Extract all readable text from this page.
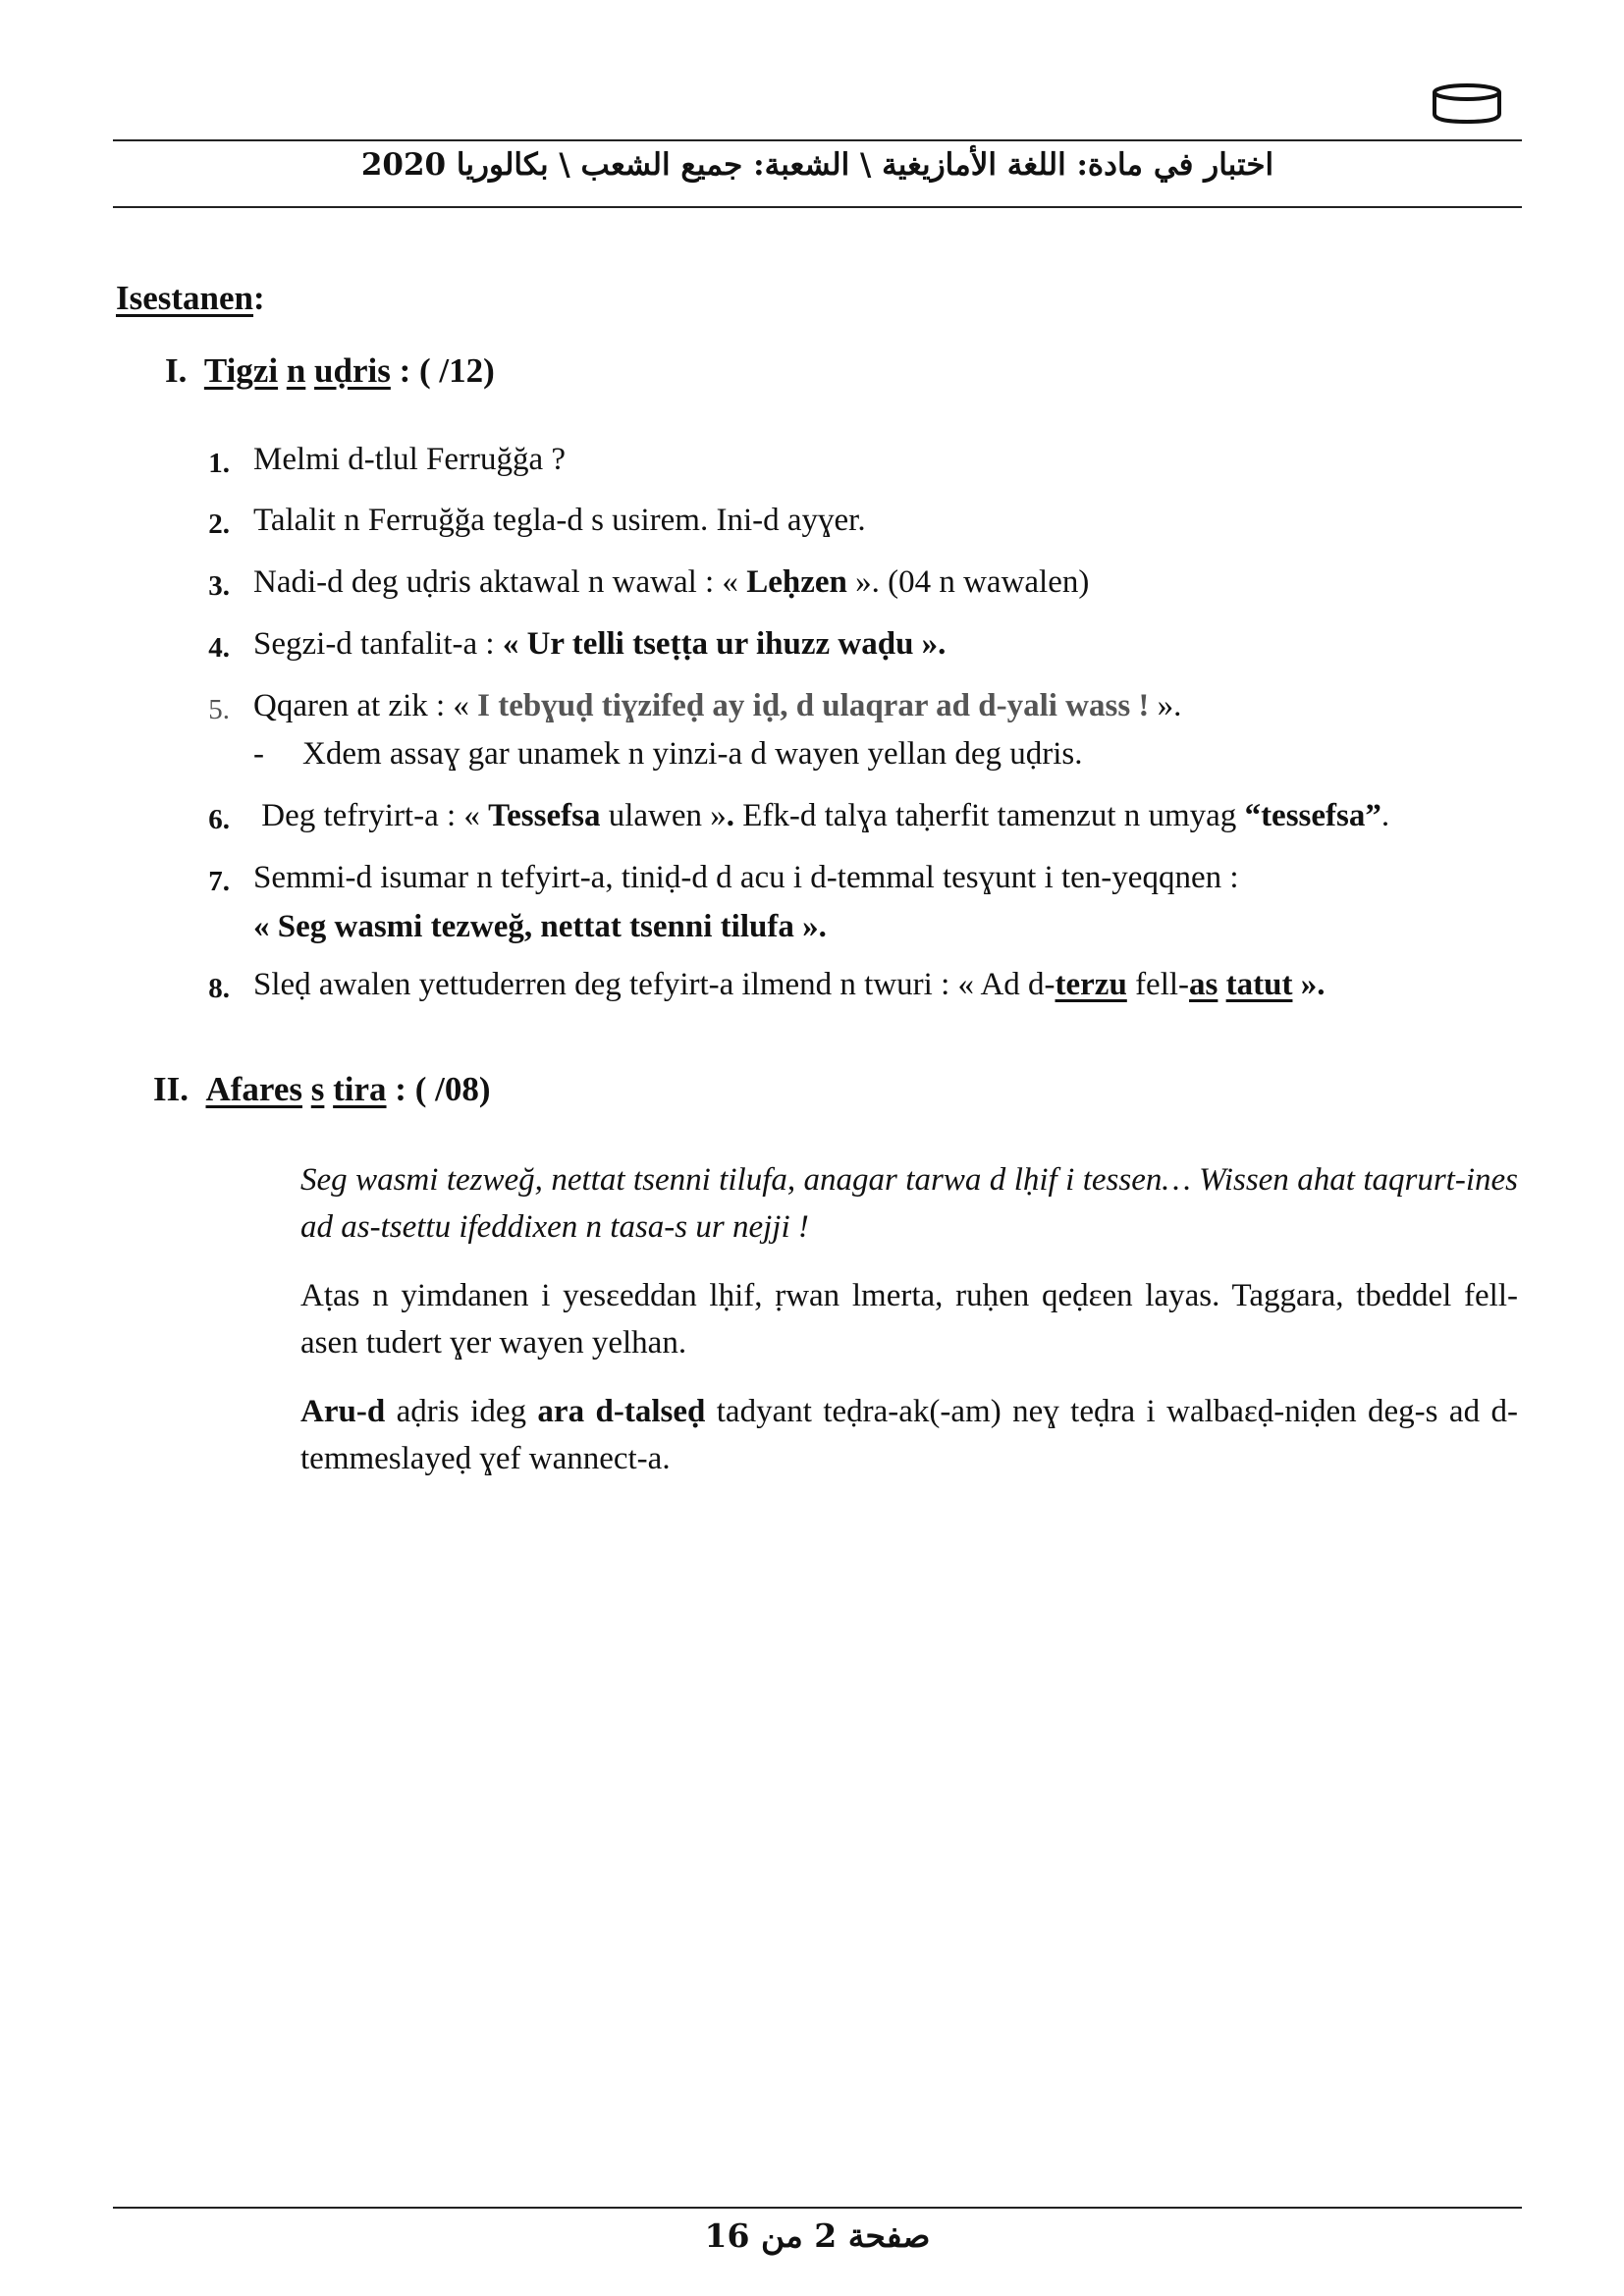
اختبار في مادة: اللغة الأمازيغية \ الشعبة: جميع الشعب \ بكالوريا 2020
Isestanen:
I. Tigzi n uḍris : ( /12)
1. Melmi d-tlul Ferruğğa ?
2. Talalit n Ferruğğa tegla-d s usirem. Ini-d ayɣer.
3. Nadi-d deg uḍris aktawal n wawal : « Leḥzen ». (04 n wawalen)
4. Segzi-d tanfalit-a : « Ur telli tseṭṭa ur ihuzz waḍu ».
5. Qqaren at zik : « I tebɣuḍ tiɣzifeḍ ay iḍ, d ulaqrar ad d-yali wass ! ».
- Xdem assaɣ gar unamek n yinzi-a d wayen yellan deg uḍris.
6. Deg tefryirt-a : « Tessefsa ulawen ». Efk-d talɣa taḥerfit tamenzut n umyag “tessefsa”.
7. Semmi-d isumar n tefyirt-a, tiniḍ-d d acu i d-temmal tesɣunt i ten-yeqqnen :
« Seg wasmi tezweğ, nettat tsenni tilufa ».
8. Sleḍ awalen yettuderren deg tefyirt-a ilmend n twuri : « Ad d-terzu fell-as tatut ».
II. Afares s tira : ( /08)
Seg wasmi tezweğ, nettat tsenni tilufa, anagar tarwa d lḥif i tessen… Wissen ahat taqrurt-ines ad as-tsettu ifeddixen n tasa-s ur nejji !
Aṭas n yimdanen i yesɛeddan lḥif, ṛwan lmerta, ruḥen qeḍɛen layas. Taggara, tbeddel fell-asen tudert ɣer wayen yelhan.
Aru-d aḍris ideg ara d-talseḍ tadyant teḍra-ak(-am) neɣ teḍra i walbaɛḍ-niḍen deg-s ad d-temmeslayeḍ ɣef wannect-a.
صفحة 2 من 16
